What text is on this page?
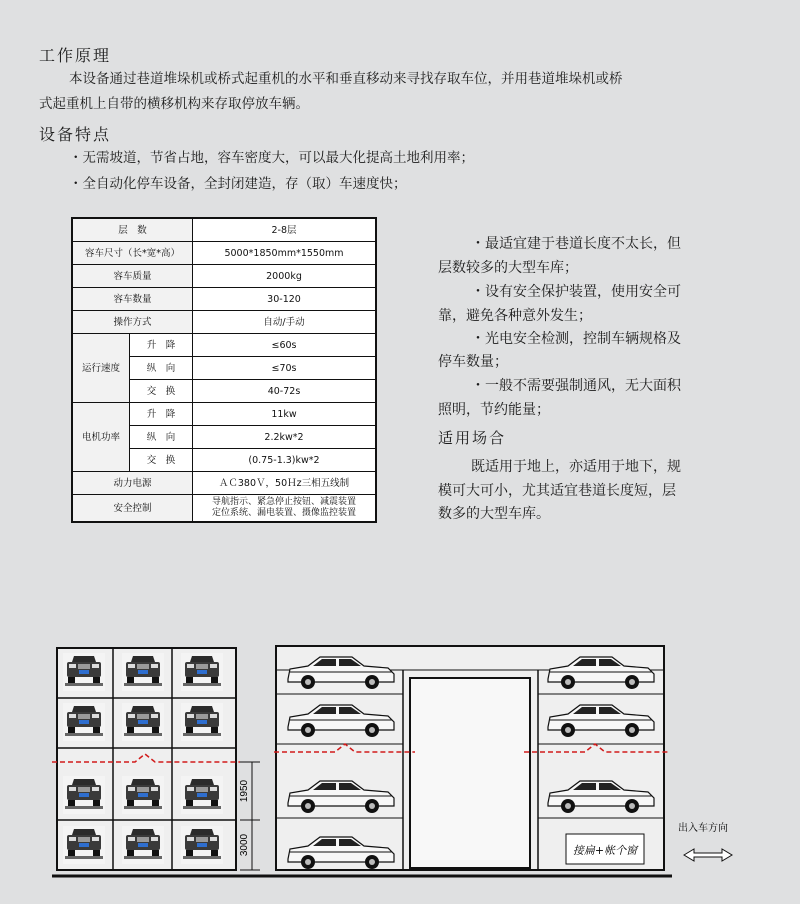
工作原理
本设备通过巷道堆垛机或桥式起重机的水平和垂直移动来寻找存取车位，并用巷道堆垛机或桥
式起重机上自带的横移机构来存取停放车辆。
设备特点
・无需坡道，节省占地，容车密度大，可以最大化提高土地利用率；
・全自动化停车设备，全封闭建造，存（取）车速度快；
层　数		2-8层
容车尺寸（长*宽*高）		5000*1850mm*1550mm
容车质量		2000kg
容车数量		30-120
操作方式		自动/手动
运行速度	升　降	≤60s
	纵　向	≤70s
	交　换	40-72s
电机功率	升　降	11kw
	纵　向	2.2kw*2
	交　换	(0.75-1.3)kw*2
动力电源		ＡＣ380Ｖ，50Ｈz三相五线制
安全控制		导航指示、紧急停止按钮、减震装置
定位系统、漏电装置、摄像监控装置
・最适宜建于巷道长度不太长，但
层数较多的大型车库；
・设有安全保护装置，使用安全可
靠，避免各种意外发生；
・光电安全检测，控制车辆规格及
停车数量；
・一般不需要强制通风，无大面积
照明，节约能量；
适用场合
既适用于地上，亦适用于地下，规
模可大可小，尤其适宜巷道长度短，层
数多的大型车库。
1950
3000	接扁+帐个窗
出入车方向
